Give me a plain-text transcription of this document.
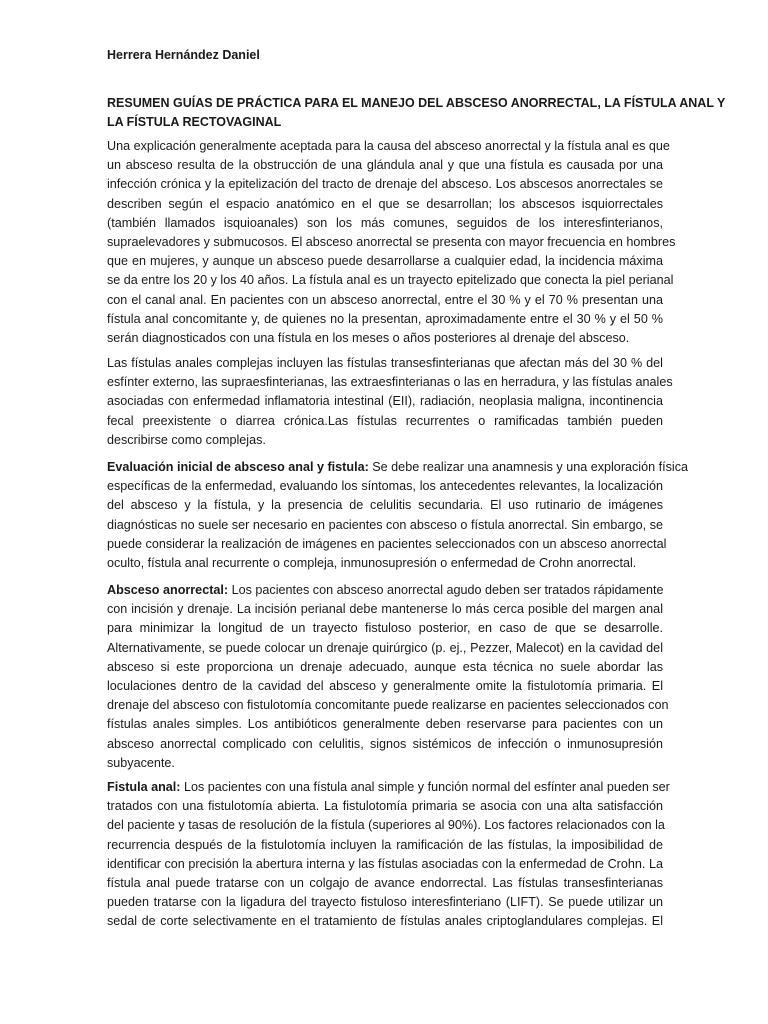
Herrera Hernández Daniel
RESUMEN GUÍAS DE PRÁCTICA PARA EL MANEJO DEL ABSCESO ANORRECTAL, LA FÍSTULA ANAL Y
LA FÍSTULA RECTOVAGINAL
Una explicación generalmente aceptada para la causa del absceso anorrectal y la fístula anal es que
un absceso resulta de la obstrucción de una glándula anal y que una fístula es causada por una
infección crónica y la epitelización del tracto de drenaje del absceso. Los abscesos anorrectales se
describen según el espacio anatómico en el que se desarrollan; los abscesos isquiorrectales
(también llamados isquioanales) son los más comunes, seguidos de los interesfinterianos,
supraelevadores y submucosos. El absceso anorrectal se presenta con mayor frecuencia en hombres
que en mujeres, y aunque un absceso puede desarrollarse a cualquier edad, la incidencia máxima
se da entre los 20 y los 40 años. La fístula anal es un trayecto epitelizado que conecta la piel perianal
con el canal anal. En pacientes con un absceso anorrectal, entre el 30 % y el 70 % presentan una
fístula anal concomitante y, de quienes no la presentan, aproximadamente entre el 30 % y el 50 %
serán diagnosticados con una fístula en los meses o años posteriores al drenaje del absceso.
Las fístulas anales complejas incluyen las fístulas transesfinterianas que afectan más del 30 % del
esfínter externo, las supraesfinterianas, las extraesfinterianas o las en herradura, y las fístulas anales
asociadas con enfermedad inflamatoria intestinal (EII), radiación, neoplasia maligna, incontinencia
fecal preexistente o diarrea crónica.Las fístulas recurrentes o ramificadas también pueden
describirse como complejas.
Evaluación inicial de absceso anal y fistula: Se debe realizar una anamnesis y una exploración física
específicas de la enfermedad, evaluando los síntomas, los antecedentes relevantes, la localización
del absceso y la fístula, y la presencia de celulitis secundaria. El uso rutinario de imágenes
diagnósticas no suele ser necesario en pacientes con absceso o fístula anorrectal. Sin embargo, se
puede considerar la realización de imágenes en pacientes seleccionados con un absceso anorrectal
oculto, fístula anal recurrente o compleja, inmunosupresión o enfermedad de Crohn anorrectal.
Absceso anorrectal: Los pacientes con absceso anorrectal agudo deben ser tratados rápidamente
con incisión y drenaje. La incisión perianal debe mantenerse lo más cerca posible del margen anal
para minimizar la longitud de un trayecto fistuloso posterior, en caso de que se desarrolle.
Alternativamente, se puede colocar un drenaje quirúrgico (p. ej., Pezzer, Malecot) en la cavidad del
absceso si este proporciona un drenaje adecuado, aunque esta técnica no suele abordar las
loculaciones dentro de la cavidad del absceso y generalmente omite la fistulotomía primaria. El
drenaje del absceso con fistulotomía concomitante puede realizarse en pacientes seleccionados con
fístulas anales simples. Los antibióticos generalmente deben reservarse para pacientes con un
absceso anorrectal complicado con celulitis, signos sistémicos de infección o inmunosupresión
subyacente.
Fistula anal: Los pacientes con una fístula anal simple y función normal del esfínter anal pueden ser
tratados con una fistulotomía abierta. La fistulotomía primaria se asocia con una alta satisfacción
del paciente y tasas de resolución de la fístula (superiores al 90%). Los factores relacionados con la
recurrencia después de la fistulotomía incluyen la ramificación de las fístulas, la imposibilidad de
identificar con precisión la abertura interna y las fístulas asociadas con la enfermedad de Crohn. La
fístula anal puede tratarse con un colgajo de avance endorrectal. Las fístulas transesfinterianas
pueden tratarse con la ligadura del trayecto fistuloso interesfinteriano (LIFT). Se puede utilizar un
sedal de corte selectivamente en el tratamiento de fístulas anales criptoglandulares complejas. El
